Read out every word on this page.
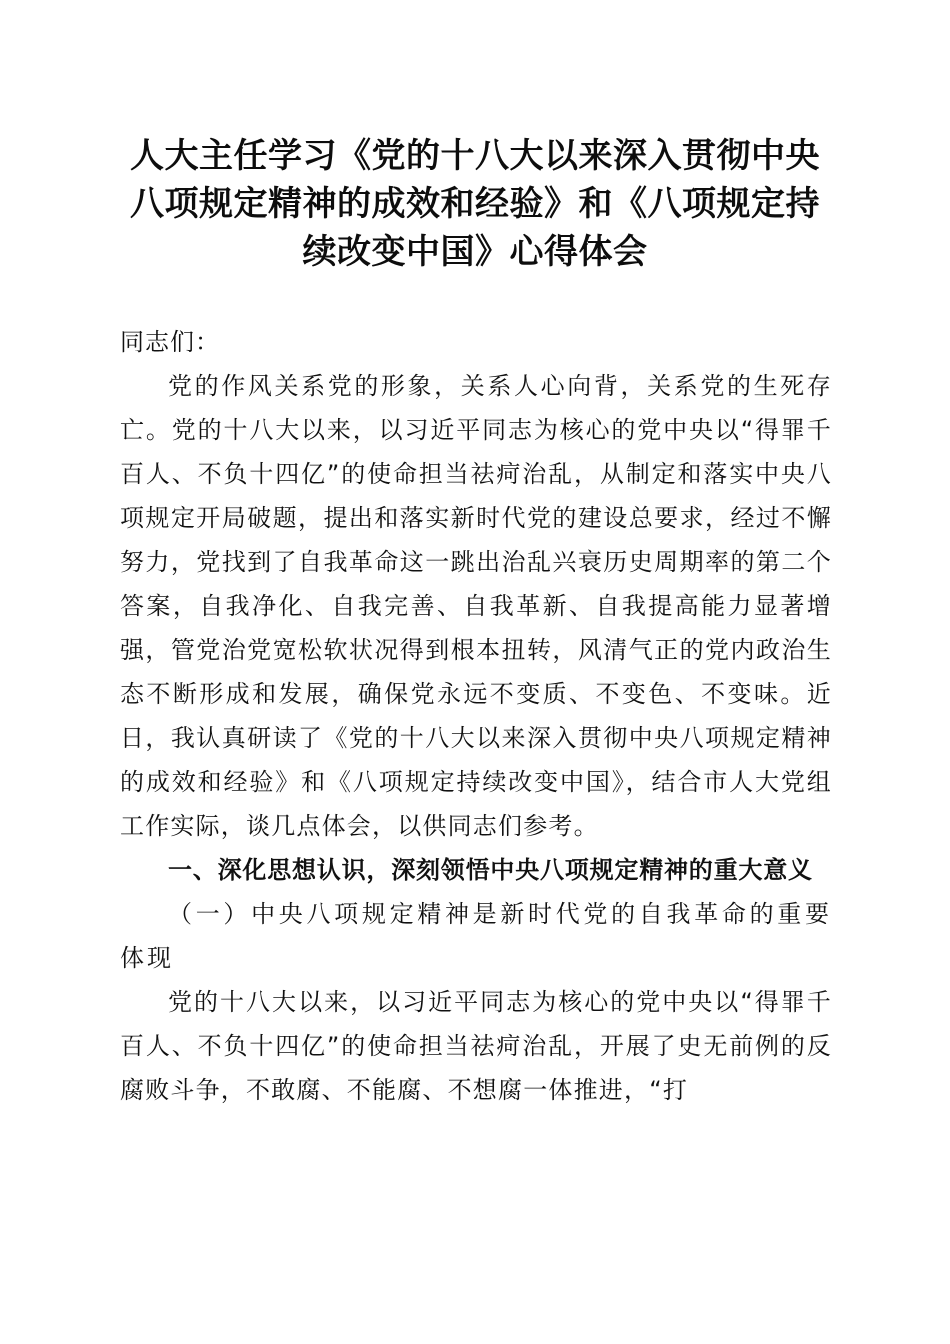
人大主任学习《党的十八大以来深入贯彻中央
八项规定精神的成效和经验》和《八项规定持
续改变中国》心得体会

同志们：

党的作风关系党的形象，关系人心向背，关系党的生死存亡。党的十八大以来，以习近平同志为核心的党中央以“得罪千百人、不负十四亿”的使命担当祛疴治乱，从制定和落实中央八项规定开局破题，提出和落实新时代党的建设总要求，经过不懈努力，党找到了自我革命这一跳出治乱兴衰历史周期率的第二个答案，自我净化、自我完善、自我革新、自我提高能力显著增强，管党治党宽松软状况得到根本扭转，风清气正的党内政治生态不断形成和发展，确保党永远不变质、不变色、不变味。近日，我认真研读了《党的十八大以来深入贯彻中央八项规定精神的成效和经验》和《八项规定持续改变中国》，结合市人大党组工作实际，谈几点体会，以供同志们参考。

一、深化思想认识，深刻领悟中央八项规定精神的重大意义

（一）中央八项规定精神是新时代党的自我革命的重要体现

党的十八大以来，以习近平同志为核心的党中央以“得罪千百人、不负十四亿”的使命担当祛疴治乱，开展了史无前例的反腐败斗争，不敢腐、不能腐、不想腐一体推进，“打
